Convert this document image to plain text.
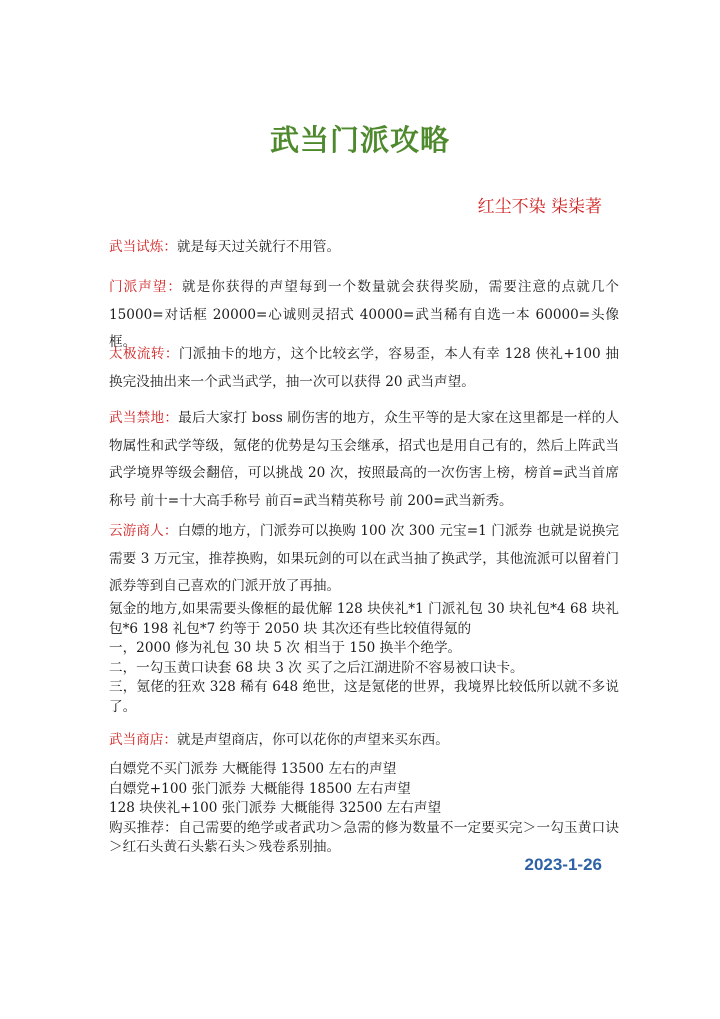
武当门派攻略
红尘不染 柒柒著
武当试炼：就是每天过关就行不用管。
门派声望：就是你获得的声望每到一个数量就会获得奖励，需要注意的点就几个15000=对话框 20000=心诚则灵招式 40000=武当稀有自选一本 60000=头像框。
太极流转：门派抽卡的地方，这个比较玄学，容易歪，本人有幸 128 侠礼+100 抽换完没抽出来一个武当武学，抽一次可以获得 20 武当声望。
武当禁地：最后大家打 boss 刷伤害的地方，众生平等的是大家在这里都是一样的人物属性和武学等级，氪佬的优势是勾玉会继承，招式也是用自己有的，然后上阵武当武学境界等级会翻倍，可以挑战 20 次，按照最高的一次伤害上榜，榜首=武当首席称号 前十=十大高手称号 前百=武当精英称号 前 200=武当新秀。
云游商人：白嫖的地方，门派券可以换购 100 次 300 元宝=1 门派券 也就是说换完需要 3 万元宝，推荐换购，如果玩剑的可以在武当抽了换武学，其他流派可以留着门派券等到自己喜欢的门派开放了再抽。
氪金的地方,如果需要头像框的最优解 128 块侠礼*1 门派礼包 30 块礼包*4 68 块礼包*6 198 礼包*7 约等于 2050 块 其次还有些比较值得氪的
一，2000 修为礼包 30 块 5 次 相当于 150 换半个绝学。
二，一勾玉黄口诀套 68 块 3 次 买了之后江湖进阶不容易被口诀卡。
三，氪佬的狂欢 328 稀有 648 绝世，这是氪佬的世界，我境界比较低所以就不多说了。
武当商店：就是声望商店，你可以花你的声望来买东西。
白嫖党不买门派券 大概能得 13500 左右的声望
白嫖党+100 张门派券 大概能得 18500 左右声望
128 块侠礼+100 张门派券 大概能得 32500 左右声望
购买推荐：自己需要的绝学或者武功＞急需的修为数量不一定要买完＞一勾玉黄口诀＞红石头黄石头紫石头＞残卷系别抽。
2023-1-26
